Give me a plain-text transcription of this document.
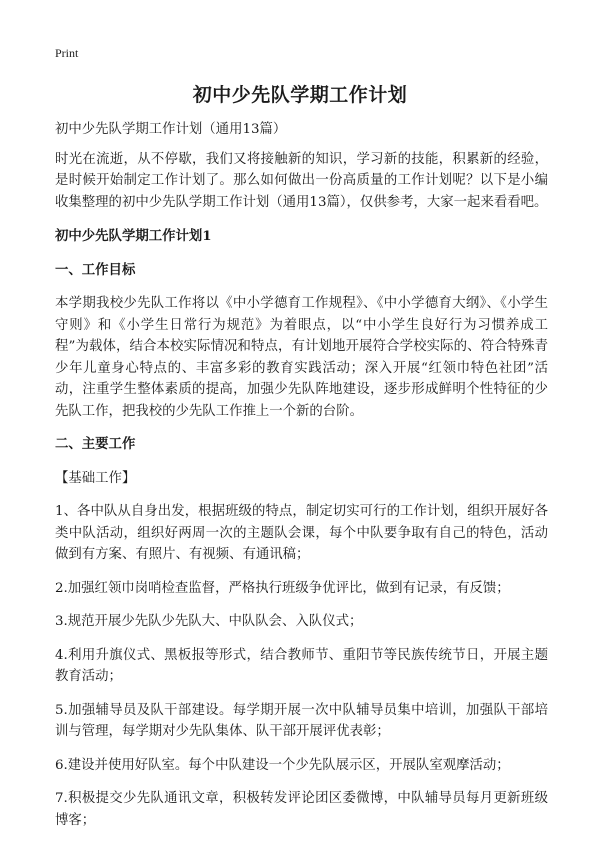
Print
初中少先队学期工作计划

初中少先队学期工作计划（通用13篇）

时光在流逝，从不停歇，我们又将接触新的知识，学习新的技能，积累新的经验，是时候开始制定工作计划了。那么如何做出一份高质量的工作计划呢？以下是小编收集整理的初中少先队学期工作计划（通用13篇），仅供参考，大家一起来看看吧。

初中少先队学期工作计划1

一、工作目标

本学期我校少先队工作将以《中小学德育工作规程》、《中小学德育大纲》、《小学生守则》和《小学生日常行为规范》为着眼点，以“中小学生良好行为习惯养成工程”为载体，结合本校实际情况和特点，有计划地开展符合学校实际的、符合特殊青少年儿童身心特点的、丰富多彩的教育实践活动；深入开展“红领巾特色社团”活动，注重学生整体素质的提高，加强少先队阵地建设，逐步形成鲜明个性特征的少先队工作，把我校的少先队工作推上一个新的台阶。

二、主要工作

【基础工作】

1、各中队从自身出发，根据班级的特点，制定切实可行的工作计划，组织开展好各类中队活动，组织好两周一次的主题队会课，每个中队要争取有自己的特色，活动做到有方案、有照片、有视频、有通讯稿；

2.加强红领巾岗哨检查监督，严格执行班级争优评比，做到有记录，有反馈；

3.规范开展少先队少先队大、中队队会、入队仪式；

4.利用升旗仪式、黑板报等形式，结合教师节、重阳节等民族传统节日，开展主题教育活动；

5.加强辅导员及队干部建设。每学期开展一次中队辅导员集中培训，加强队干部培训与管理，每学期对少先队集体、队干部开展评优表彰；

6.建设并使用好队室。每个中队建设一个少先队展示区，开展队室观摩活动；

7.积极提交少先队通讯文章，积极转发评论团区委微博，中队辅导员每月更新班级博客；
